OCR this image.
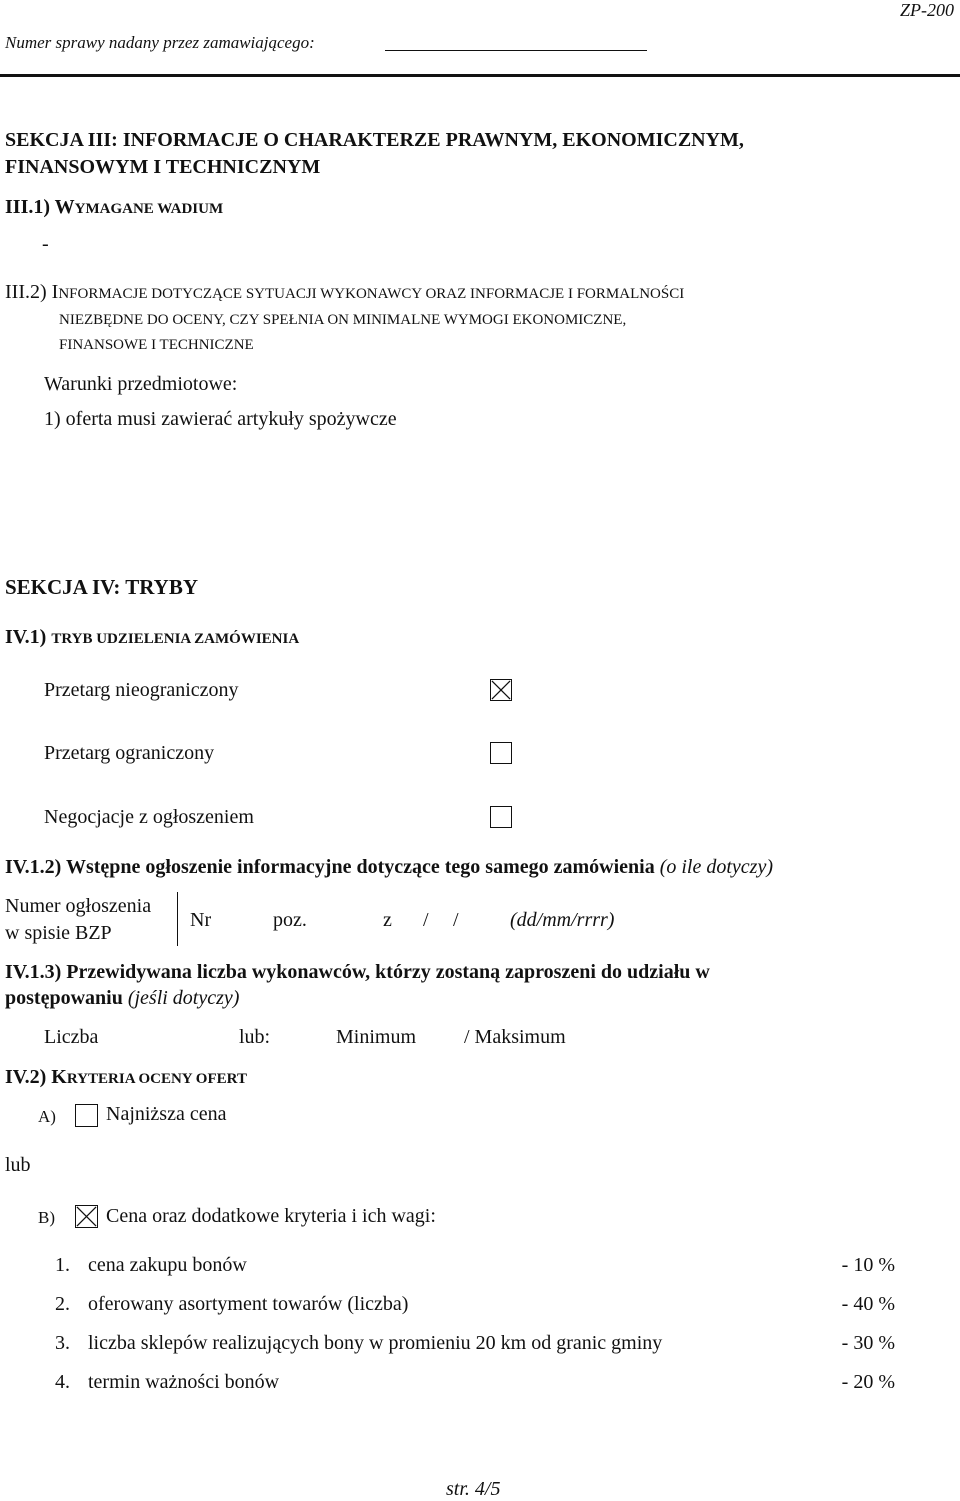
Numer sprawy nadany przez zamawiającego:
ZP-200
SEKCJA III: INFORMACJE O CHARAKTERZE PRAWNYM, EKONOMICZNYM,
FINANSOWYM I TECHNICZNYM
III.1) WYMAGANE WADIUM
-
III.2) INFORMACJE DOTYCZĄCE SYTUACJI WYKONAWCY ORAZ INFORMACJE I FORMALNOŚCI
NIEZBĘDNE DO OCENY, CZY SPEŁNIA ON MINIMALNE WYMOGI EKONOMICZNE,
FINANSOWE I TECHNICZNE
Warunki przedmiotowe:
1) oferta musi zawierać artykuły spożywcze
SEKCJA IV: TRYBY
IV.1) TRYB UDZIELENIA ZAMÓWIENIA
Przetarg nieograniczony
Przetarg ograniczony
Negocjacje z ogłoszeniem
IV.1.2) Wstępne ogłoszenie informacyjne dotyczące tego samego zamówienia (o ile dotyczy)
Numer ogłoszenia
w spisie BZP
Nr	poz.	z / /	(dd/mm/rrrr)
IV.1.3) Przewidywana liczba wykonawców, którzy zostaną zaproszeni do udziału w
postępowaniu (jeśli dotyczy)
Liczba	lub:	Minimum / Maksimum
IV.2) KRYTERIA OCENY OFERT
A)	Najniższa cena
lub
B)	Cena oraz dodatkowe kryteria i ich wagi:
1. cena zakupu bonów	- 10 %
2. oferowany asortyment towarów (liczba)	- 40 %
3. liczba sklepów realizujących bony w promieniu 20 km od granic gminy	- 30 %
4. termin ważności bonów	- 20 %
str. 4/5
